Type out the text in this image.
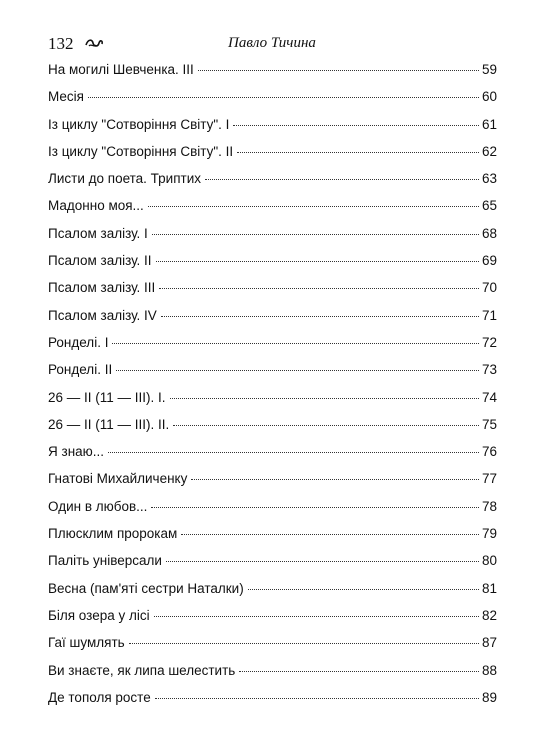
132	Павло Тичина
На могилі Шевченка. ІІІ	59
Месія	60
Із циклу "Сотворіння Світу". І	61
Із циклу "Сотворіння Світу". ІІ	62
Листи до поета. Триптих	63
Мадонно моя...	65
Псалом залізу. І	68
Псалом залізу. ІІ	69
Псалом залізу. ІІІ	70
Псалом залізу. IV	71
Ронделі. І	72
Ронделі. ІІ	73
26 — II (11 — III). І.	74
26 — II (11 — III). ІІ.	75
Я знаю...	76
Гнатові Михайличенку	77
Один в любов...	78
Плюсклим пророкам	79
Паліть універсали	80
Весна (пам'яті сестри Наталки)	81
Біля озера у лісі	82
Гаї шумлять	87
Ви знаєте, як липа шелестить	88
Де тополя росте	89
